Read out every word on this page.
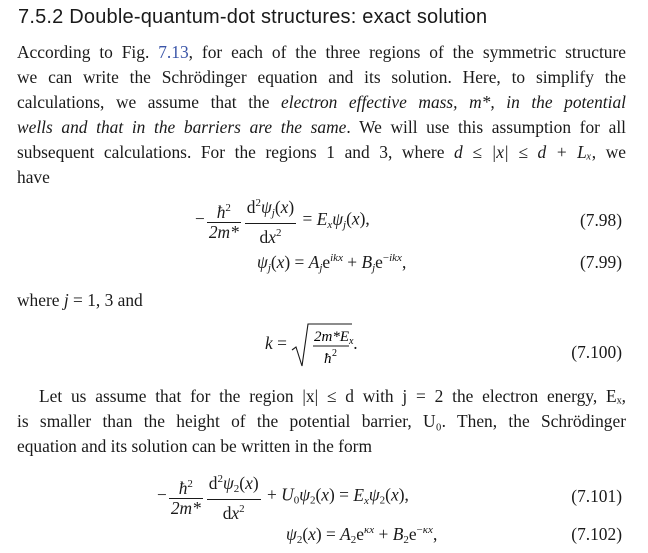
7.5.2 Double-quantum-dot structures: exact solution
According to Fig. 7.13, for each of the three regions of the symmetric structure
we can write the Schrödinger equation and its solution. Here, to simplify the
calculations, we assume that the electron effective mass, m*, in the potential
wells and that in the barriers are the same. We will use this assumption for all
subsequent calculations. For the regions 1 and 3, where d ≤ |x| ≤ d + Lₓ, we
have
− $\frac{ħ^2}{2m*} \frac{d^2\psi_j(x)}{dx^2} = E_x\psi_j(x)$,	(7.98)
$\psi_j(x) = A_je^{ikx} + B_je^{-ikx}$,	(7.99)
where j = 1, 3 and
k = 2m*E x
ħ 2
.	(7.100)
Let us assume that for the region |x| ≤ d with j = 2 the electron energy, Eₓ,
is smaller than the height of the potential barrier, U₀. Then, the Schrödinger
equation and its solution can be written in the form
− $\frac{ħ^2}{2m*} \frac{d^2\psi_2(x)}{dx^2} + U_0\psi_2(x) = E_x\psi_2(x)$,	(7.101)
$\psi_2(x) = A_2e^{\kappa x} + B_2e^{-\kappa x}$,	(7.102)
